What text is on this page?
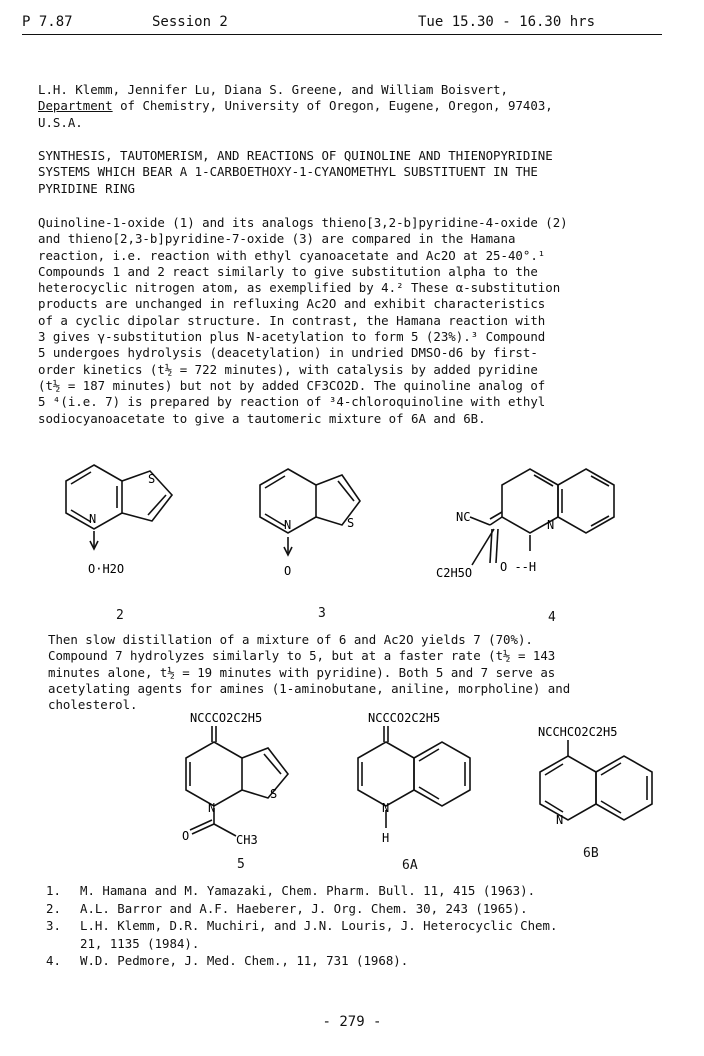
P 7.87	Session 2	Tue 15.30 - 16.30 hrs
L.H. Klemm, Jennifer Lu, Diana S. Greene, and William Boisvert,
Department of Chemistry, University of Oregon, Eugene, Oregon, 97403,
U.S.A.
SYNTHESIS, TAUTOMERISM, AND REACTIONS OF QUINOLINE AND THIENOPYRIDINE
SYSTEMS WHICH BEAR A 1-CARBOETHOXY-1-CYANOMETHYL SUBSTITUENT IN THE
PYRIDINE RING
Quinoline-1-oxide (1) and its analogs thieno[3,2-b]pyridine-4-oxide (2)
and thieno[2,3-b]pyridine-7-oxide (3) are compared in the Hamana
reaction, i.e. reaction with ethyl cyanoacetate and Ac2O at 25-40°.¹
Compounds 1 and 2 react similarly to give substitution alpha to the
heterocyclic nitrogen atom, as exemplified by 4.² These α-substitution
products are unchanged in refluxing Ac2O and exhibit characteristics
of a cyclic dipolar structure. In contrast, the Hamana reaction with
3 gives γ-substitution plus N-acetylation to form 5 (23%).³ Compound
5 undergoes hydrolysis (deacetylation) in undried DMSO-d6 by first-
order kinetics (t½ = 722 minutes), with catalysis by added pyridine
(t½ = 187 minutes) but not by added CF3CO2D. The quinoline analog of
5 ⁴(i.e. 7) is prepared by reaction of ³4-chloroquinoline with ethyl
sodiocyanoacetate to give a tautomeric mixture of 6A and 6B.
O·H2O
N
S
O
N	S	NC
N
C2H5O O --H
2	3	4
Then slow distillation of a mixture of 6 and Ac2O yields 7 (70%).
Compound 7 hydrolyzes similarly to 5, but at a faster rate (t½ = 143
minutes alone, t½ = 19 minutes with pyridine). Both 5 and 7 serve as
acetylating agents for amines (1-aminobutane, aniline, morpholine) and
cholesterol.
NCCCO2C2H5
N
S
O	CH3
NCCCO2C2H5
N
H
NCCHCO2C2H5
N
5	6A
6B
1. M. Hamana and M. Yamazaki, Chem. Pharm. Bull. 11, 415 (1963).
2. A.L. Barror and A.F. Haeberer, J. Org. Chem. 30, 243 (1965).
3. L.H. Klemm, D.R. Muchiri, and J.N. Louris, J. Heterocyclic Chem.
21, 1135 (1984).
4. W.D. Pedmore, J. Med. Chem., 11, 731 (1968).
- 279 -
